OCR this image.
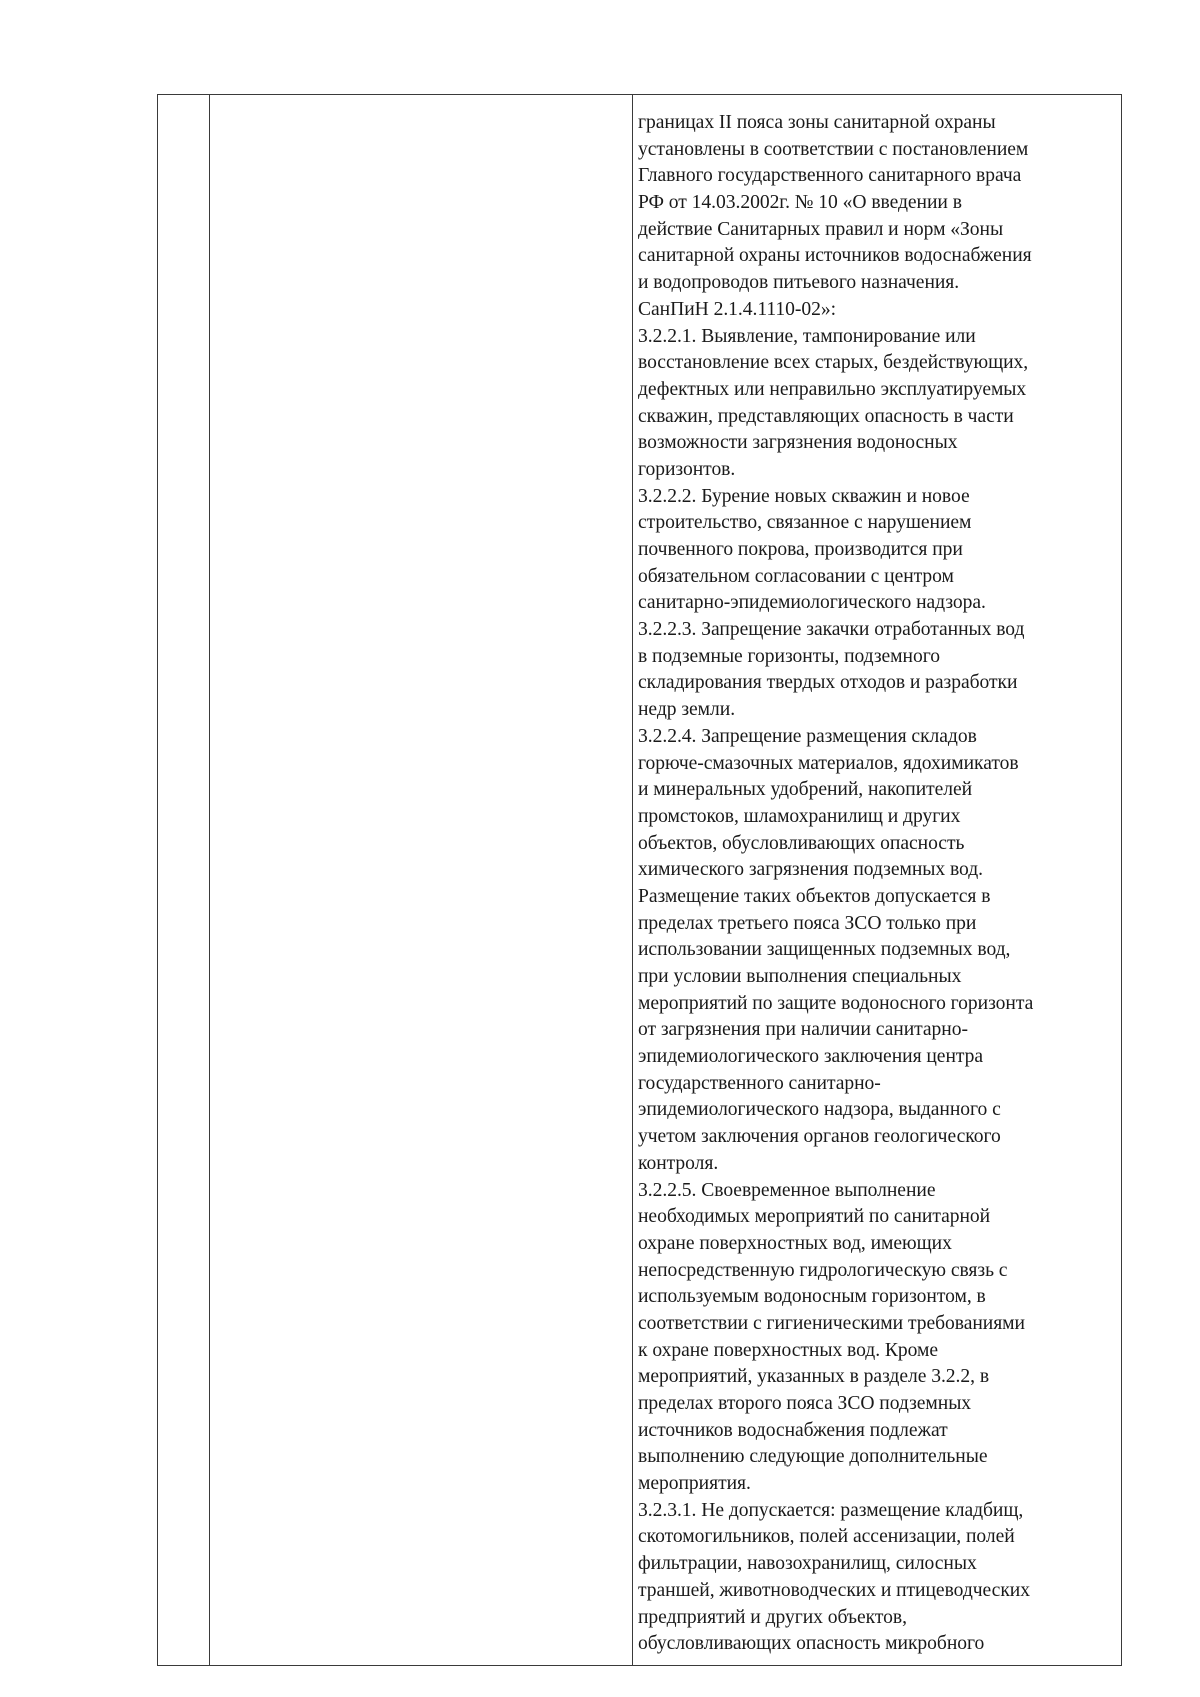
границах II пояса зоны санитарной охраны
установлены в соответствии с постановлением
Главного государственного санитарного врача
РФ от 14.03.2002г. № 10 «О введении в
действие Санитарных правил и норм «Зоны
санитарной охраны источников водоснабжения
и водопроводов питьевого назначения.
СанПиН 2.1.4.1110-02»:
3.2.2.1. Выявление, тампонирование или
восстановление всех старых, бездействующих,
дефектных или неправильно эксплуатируемых
скважин, представляющих опасность в части
возможности загрязнения водоносных
горизонтов.
3.2.2.2. Бурение новых скважин и новое
строительство, связанное с нарушением
почвенного покрова, производится при
обязательном согласовании с центром
санитарно-эпидемиологического надзора.
3.2.2.3. Запрещение закачки отработанных вод
в подземные горизонты, подземного
складирования твердых отходов и разработки
недр земли.
3.2.2.4. Запрещение размещения складов
горюче-смазочных материалов, ядохимикатов
и минеральных удобрений, накопителей
промстоков, шламохранилищ и других
объектов, обусловливающих опасность
химического загрязнения подземных вод.
Размещение таких объектов допускается в
пределах третьего пояса ЗСО только при
использовании защищенных подземных вод,
при условии выполнения специальных
мероприятий по защите водоносного горизонта
от загрязнения при наличии санитарно-
эпидемиологического заключения центра
государственного санитарно-
эпидемиологического надзора, выданного с
учетом заключения органов геологического
контроля.
3.2.2.5. Своевременное выполнение
необходимых мероприятий по санитарной
охране поверхностных вод, имеющих
непосредственную гидрологическую связь с
используемым водоносным горизонтом, в
соответствии с гигиеническими требованиями
к охране поверхностных вод. Кроме
мероприятий, указанных в разделе 3.2.2, в
пределах второго пояса ЗСО подземных
источников водоснабжения подлежат
выполнению следующие дополнительные
мероприятия.
3.2.3.1. Не допускается: размещение кладбищ,
скотомогильников, полей ассенизации, полей
фильтрации, навозохранилищ, силосных
траншей, животноводческих и птицеводческих
предприятий и других объектов,
обусловливающих опасность микробного
